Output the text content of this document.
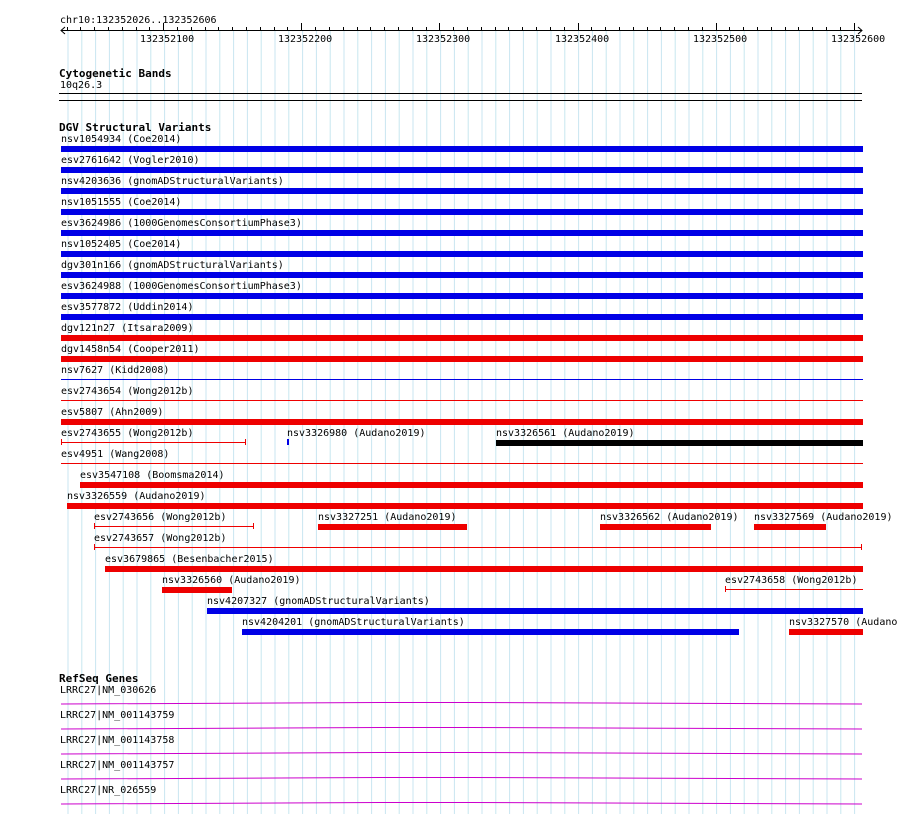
chr10:132352026..132352606
132352100	132352200	132352300	132352400	132352500	132352600
Cytogenetic Bands
10q26.3
DGV Structural Variants
nsv1054934 (Coe2014)
esv2761642 (Vogler2010)
nsv4203636 (gnomADStructuralVariants)
nsv1051555 (Coe2014)
esv3624986 (1000GenomesConsortiumPhase3)
nsv1052405 (Coe2014)
dgv301n166 (gnomADStructuralVariants)
esv3624988 (1000GenomesConsortiumPhase3)
esv3577872 (Uddin2014)
dgv121n27 (Itsara2009)
dgv1458n54 (Cooper2011)
nsv7627 (Kidd2008)
esv2743654 (Wong2012b)
esv5807 (Ahn2009)
esv2743655 (Wong2012b)	nsv3326980 (Audano2019)	nsv3326561 (Audano2019)
esv4951 (Wang2008)
esv3547108 (Boomsma2014)
nsv3326559 (Audano2019)
esv2743656 (Wong2012b)	nsv3327251 (Audano2019)	nsv3326562 (Audano2019) nsv3327569 (Audano2019)
esv2743657 (Wong2012b)
esv3679865 (Besenbacher2015)
nsv3326560 (Audano2019)	esv2743658 (Wong2012b)
nsv4207327 (gnomADStructuralVariants)
nsv4204201 (gnomADStructuralVariants)	nsv3327570 (Audano
RefSeq Genes
LRRC27|NM_030626
LRRC27|NM_001143759
LRRC27|NM_001143758
LRRC27|NM_001143757
LRRC27|NR_026559
